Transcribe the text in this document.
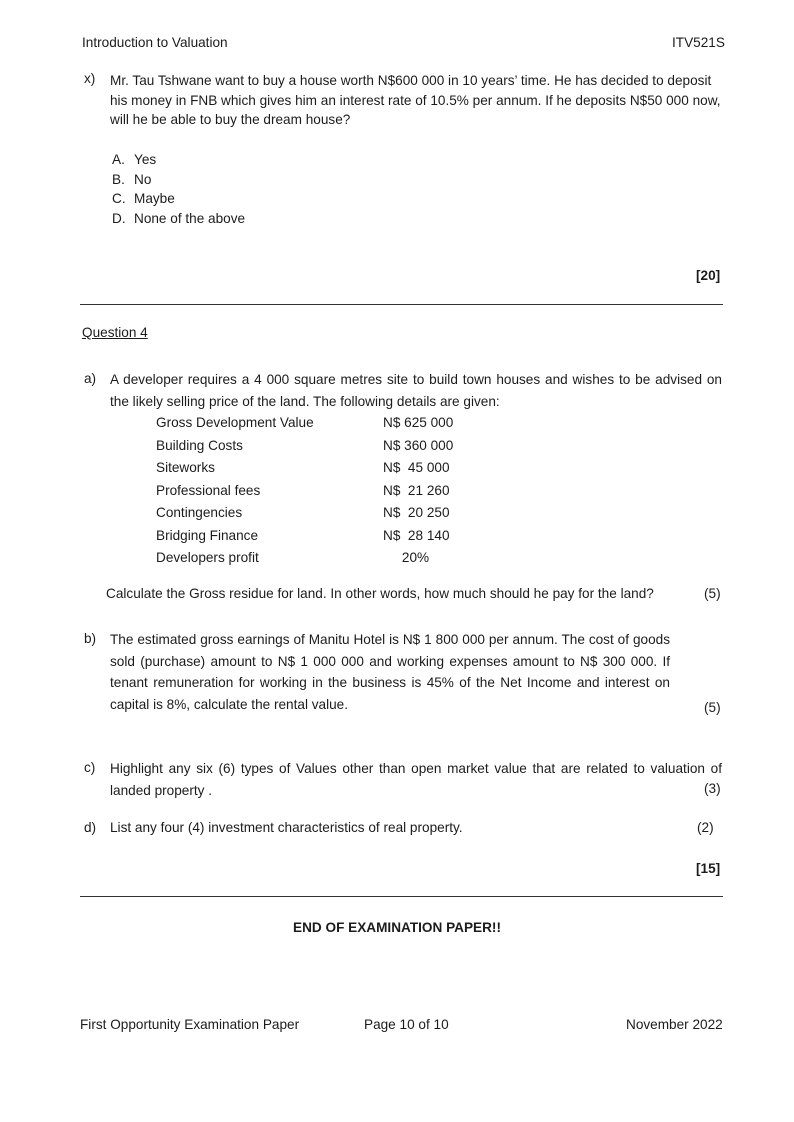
Introduction to Valuation	ITV521S
x) Mr. Tau Tshwane want to buy a house worth N$600 000 in 10 years’ time. He has decided to deposit his money in FNB which gives him an interest rate of 10.5% per annum. If he deposits N$50 000 now, will he be able to buy the dream house?
A. Yes
B. No
C. Maybe
D. None of the above
[20]
Question 4
a) A developer requires a 4 000 square metres site to build town houses and wishes to be advised on the likely selling price of the land. The following details are given:
Gross Development Value	N$ 625 000
Building Costs	N$ 360 000
Siteworks	N$  45 000
Professional fees	N$  21 260
Contingencies	N$  20 250
Bridging Finance	N$  28 140
Developers profit	20%
Calculate the Gross residue for land. In other words, how much should he pay for the land?	(5)
b) The estimated gross earnings of Manitu Hotel is N$ 1 800 000 per annum. The cost of goods sold (purchase) amount to N$ 1 000 000 and working expenses amount to N$ 300 000. If tenant remuneration for working in the business is 45% of the Net Income and interest on capital is 8%, calculate the rental value.	(5)
c) Highlight any six (6) types of Values other than open market value that are related to valuation of landed property .	(3)
d) List any four (4) investment characteristics of real property.	(2)
[15]
END OF EXAMINATION PAPER!!
First Opportunity Examination Paper	Page 10 of 10	November 2022
